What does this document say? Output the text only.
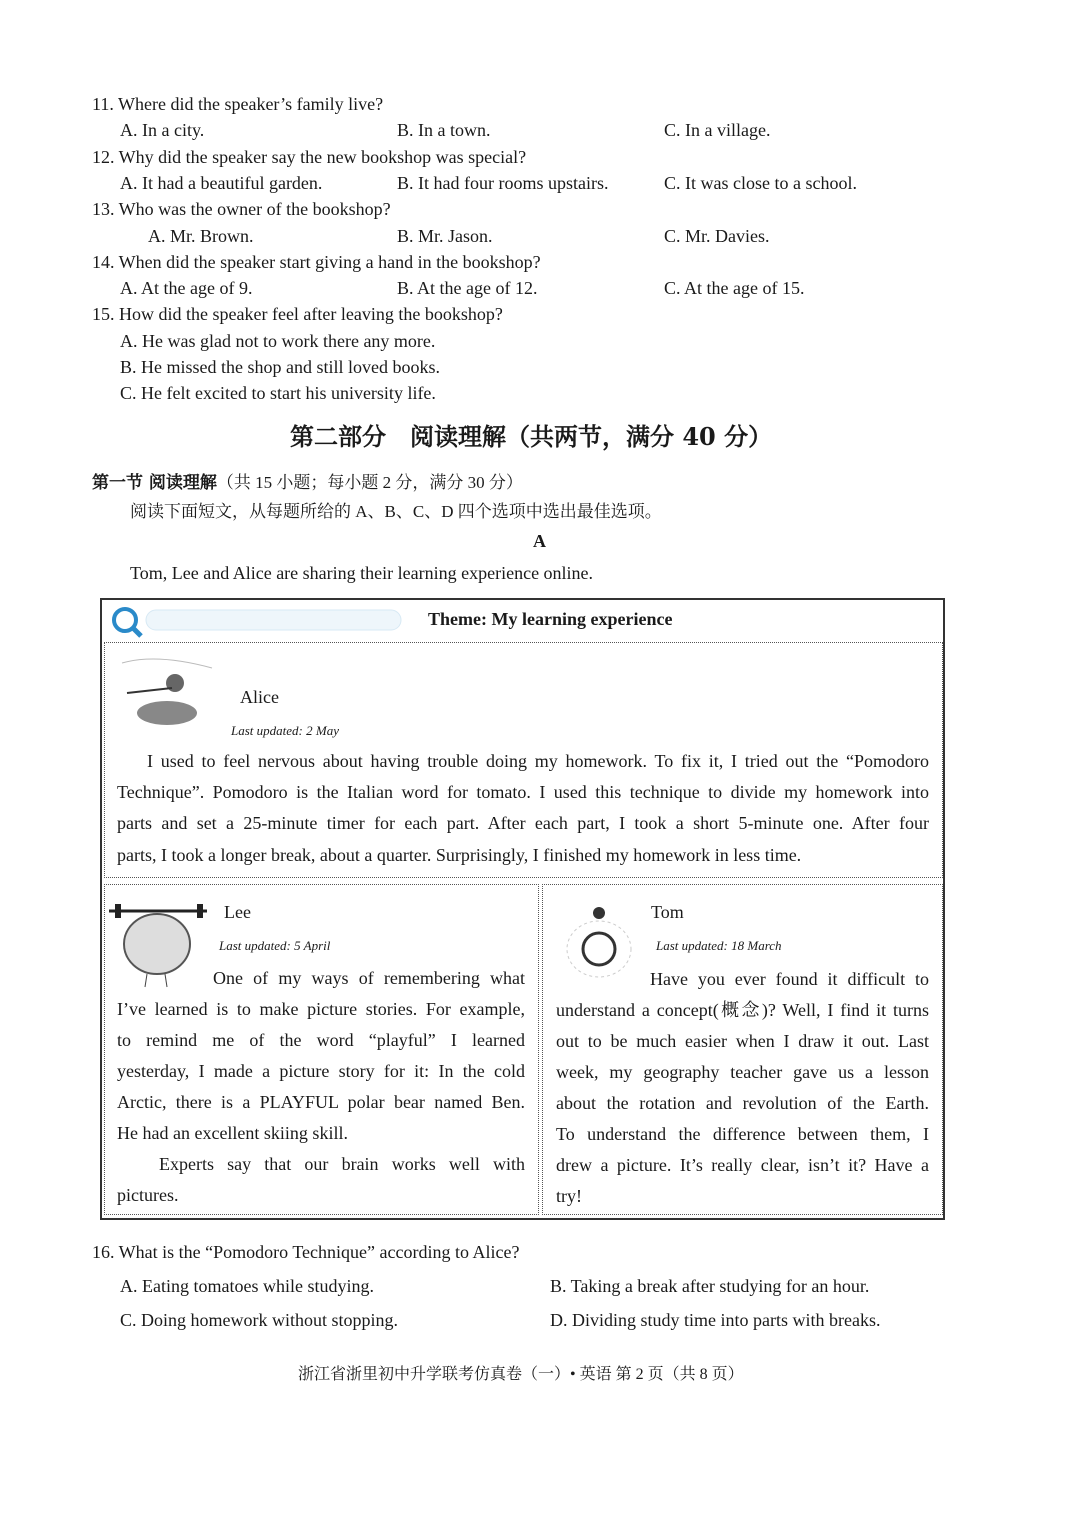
11. Where did the speaker’s family live?
A. In a city.	B. In a town.	C. In a village.
12. Why did the speaker say the new bookshop was special?
A. It had a beautiful garden.	B. It had four rooms upstairs.	C. It was close to a school.
13. Who was the owner of the bookshop?
A. Mr. Brown.	B. Mr. Jason.	C. Mr. Davies.
14. When did the speaker start giving a hand in the bookshop?
A. At the age of 9.	B. At the age of 12.	C. At the age of 15.
15. How did the speaker feel after leaving the bookshop?
A. He was glad not to work there any more.
B. He missed the shop and still loved books.
C. He felt excited to start his university life.
第二部分　阅读理解（共两节，满分 40 分）
第一节 阅读理解（共 15 小题；每小题 2 分，满分 30 分）
阅读下面短文，从每题所给的 A、B、C、D 四个选项中选出最佳选项。
A
Tom, Lee and Alice are sharing their learning experience online.
Theme: My learning experience
Alice
Last updated: 2 May
I used to feel nervous about having trouble doing my homework. To fix it, I tried out the “Pomodoro
Technique”. Pomodoro is the Italian word for tomato. I used this technique to divide my homework into
parts and set a 25-minute timer for each part. After each part, I took a short 5-minute one. After four
parts, I took a longer break, about a quarter. Surprisingly, I finished my homework in less time.
Lee
Last updated: 5 April
One of my ways of remembering what
I’ve learned is to make picture stories. For example,
to remind me of the word “playful” I learned
yesterday, I made a picture story for it: In the cold
Arctic, there is a PLAYFUL polar bear named Ben.
He had an excellent skiing skill.
Experts say that our brain works well with
pictures.
Tom
Last updated: 18 March
Have you ever found it difficult to
understand a concept(概念)? Well, I find it turns
out to be much easier when I draw it out. Last
week, my geography teacher gave us a lesson
about the rotation and revolution of the Earth.
To understand the difference between them, I
drew a picture. It’s really clear, isn’t it? Have a
try!
16. What is the “Pomodoro Technique” according to Alice?
A. Eating tomatoes while studying.	B. Taking a break after studying for an hour.
C. Doing homework without stopping.	D. Dividing study time into parts with breaks.
浙江省浙里初中升学联考仿真卷（一）• 英语 第 2 页（共 8 页）
